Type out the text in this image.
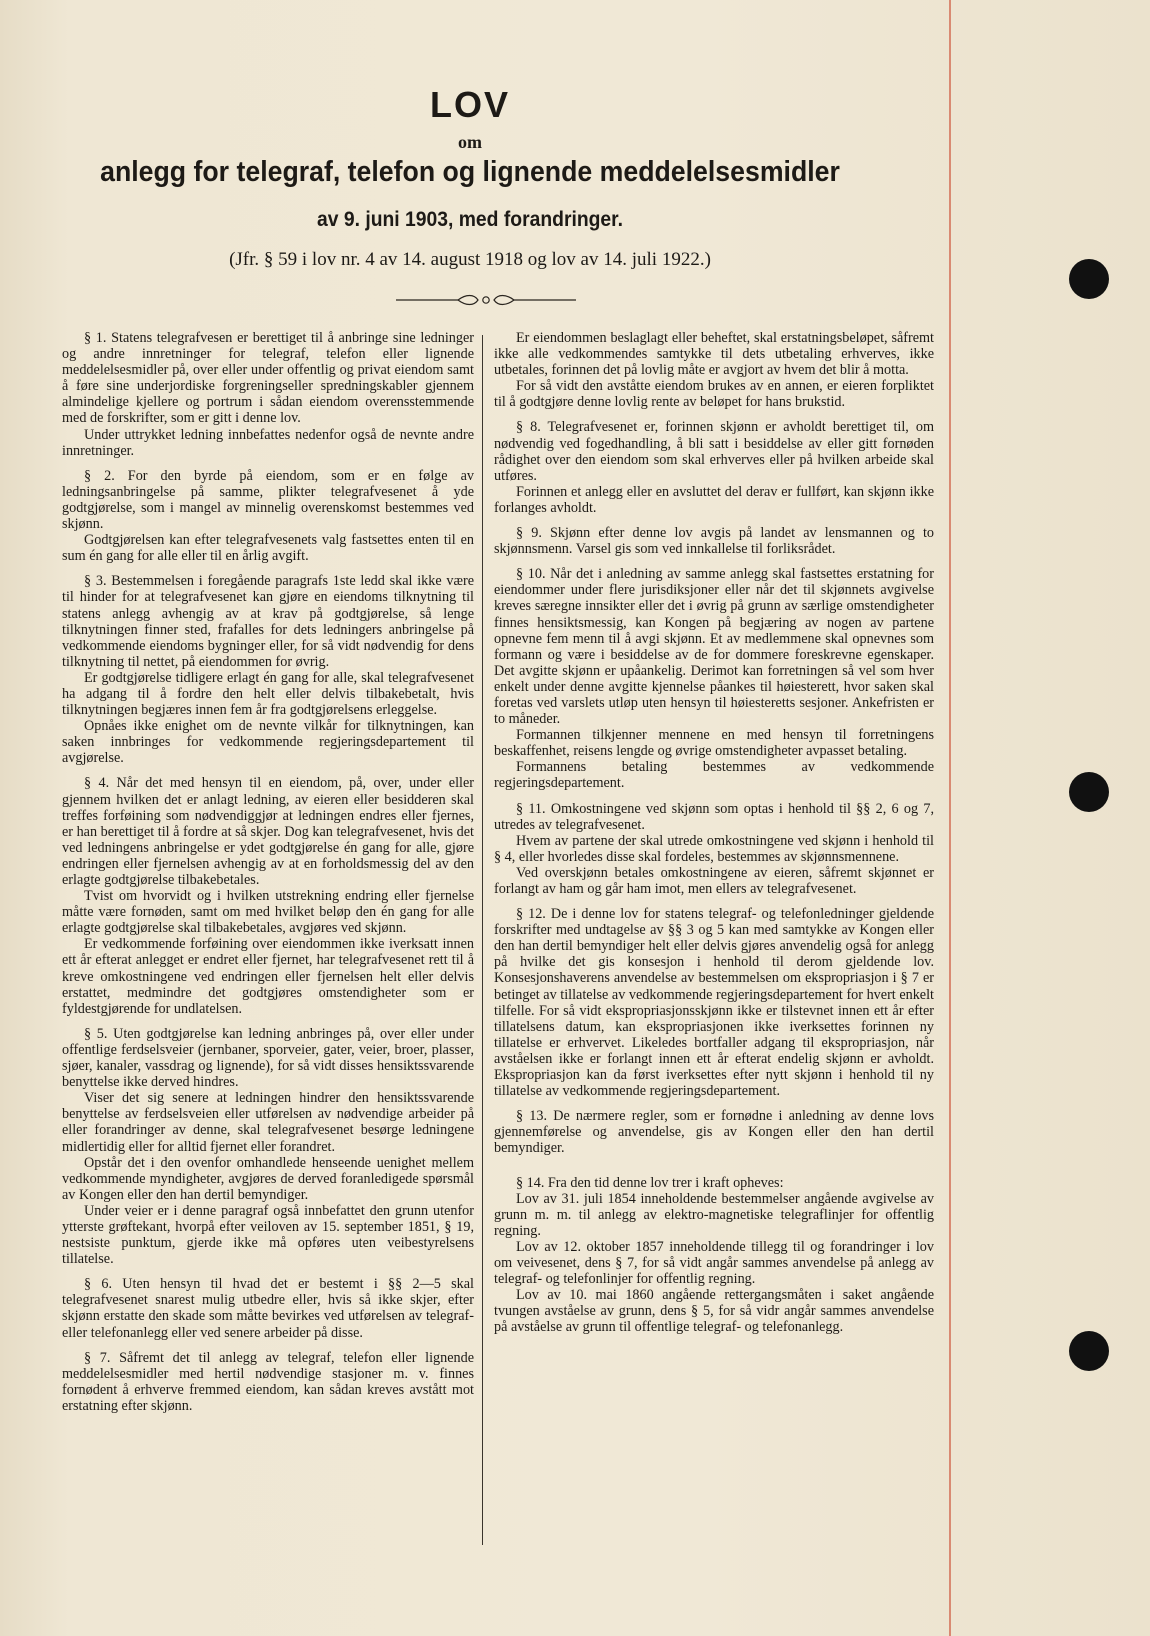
LOV
om
anlegg for telegraf, telefon og lignende meddelelsesmidler
av 9. juni 1903, med forandringer.
(Jfr. § 59 i lov nr. 4 av 14. august 1918 og lov av 14. juli 1922.)

§ 1. Statens telegrafvesen er berettiget til å anbringe sine ledninger og andre innretninger for telegraf, telefon eller lignende meddelelsesmidler på, over eller under offentlig og privat eiendom samt å føre sine underjordiske forgreningseller spredningskabler gjennem almindelige kjellere og portrum i sådan eiendom overensstemmende med de forskrifter, som er gitt i denne lov.

Under uttrykket ledning innbefattes nedenfor også de nevnte andre innretninger.

§ 2. For den byrde på eiendom, som er en følge av ledningsanbringelse på samme, plikter telegrafvesenet å yde godtgjørelse, som i mangel av minnelig overenskomst bestemmes ved skjønn.

Godtgjørelsen kan efter telegrafvesenets valg fastsettes enten til en sum én gang for alle eller til en årlig avgift.

§ 3. Bestemmelsen i foregående paragrafs 1ste ledd skal ikke være til hinder for at telegrafvesenet kan gjøre en eiendoms tilknytning til statens anlegg avhengig av at krav på godtgjørelse, så lenge tilknytningen finner sted, frafalles for dets ledningers anbringelse på vedkommende eiendoms bygninger eller, for så vidt nødvendig for dens tilknytning til nettet, på eiendommen for øvrig.

Er godtgjørelse tidligere erlagt én gang for alle, skal telegrafvesenet ha adgang til å fordre den helt eller delvis tilbakebetalt, hvis tilknytningen begjæres innen fem år fra godtgjørelsens erleggelse.

Opnåes ikke enighet om de nevnte vilkår for tilknytningen, kan saken innbringes for vedkommende regjeringsdepartement til avgjørelse.

§ 4. Når det med hensyn til en eiendom, på, over, under eller gjennem hvilken det er anlagt ledning, av eieren eller besidderen skal treffes forføining som nødvendiggjør at ledningen endres eller fjernes, er han berettiget til å fordre at så skjer. Dog kan telegrafvesenet, hvis det ved ledningens anbringelse er ydet godtgjørelse én gang for alle, gjøre endringen eller fjernelsen avhengig av at en forholdsmessig del av den erlagte godtgjørelse tilbakebetales.

Tvist om hvorvidt og i hvilken utstrekning endring eller fjernelse måtte være fornøden, samt om med hvilket beløp den én gang for alle erlagte godtgjørelse skal tilbakebetales, avgjøres ved skjønn.

Er vedkommende forføining over eiendommen ikke iverksatt innen ett år efterat anlegget er endret eller fjernet, har telegrafvesenet rett til å kreve omkostningene ved endringen eller fjernelsen helt eller delvis erstattet, medmindre det godtgjøres omstendigheter som er fyldestgjørende for undlatelsen.

§ 5. Uten godtgjørelse kan ledning anbringes på, over eller under offentlige ferdselsveier (jernbaner, sporveier, gater, veier, broer, plasser, sjøer, kanaler, vassdrag og lignende), for så vidt disses hensiktssvarende benyttelse ikke derved hindres.

Viser det sig senere at ledningen hindrer den hensiktssvarende benyttelse av ferdselsveien eller utførelsen av nødvendige arbeider på eller forandringer av denne, skal telegrafvesenet besørge ledningene midlertidig eller for alltid fjernet eller forandret.

Opstår det i den ovenfor omhandlede henseende uenighet mellem vedkommende myndigheter, avgjøres de derved foranledigede spørsmål av Kongen eller den han dertil bemyndiger.

Under veier er i denne paragraf også innbefattet den grunn utenfor ytterste grøftekant, hvorpå efter veiloven av 15. september 1851, § 19, nestsiste punktum, gjerde ikke må opføres uten veibestyrelsens tillatelse.

§ 6. Uten hensyn til hvad det er bestemt i §§ 2—5 skal telegrafvesenet snarest mulig utbedre eller, hvis så ikke skjer, efter skjønn erstatte den skade som måtte bevirkes ved utførelsen av telegraf- eller telefonanlegg eller ved senere arbeider på disse.

§ 7. Såfremt det til anlegg av telegraf, telefon eller lignende meddelelsesmidler med hertil nødvendige stasjoner m. v. finnes fornødent å erhverve fremmed eiendom, kan sådan kreves avstått mot erstatning efter skjønn.

Er eiendommen beslaglagt eller beheftet, skal erstatningsbeløpet, såfremt ikke alle vedkommendes samtykke til dets utbetaling erhverves, ikke utbetales, forinnen det på lovlig måte er avgjort av hvem det blir å motta.

For så vidt den avståtte eiendom brukes av en annen, er eieren forpliktet til å godtgjøre denne lovlig rente av beløpet for hans brukstid.

§ 8. Telegrafvesenet er, forinnen skjønn er avholdt berettiget til, om nødvendig ved fogedhandling, å bli satt i besiddelse av eller gitt fornøden rådighet over den eiendom som skal erhverves eller på hvilken arbeide skal utføres.

Forinnen et anlegg eller en avsluttet del derav er fullført, kan skjønn ikke forlanges avholdt.

§ 9. Skjønn efter denne lov avgis på landet av lensmannen og to skjønnsmenn. Varsel gis som ved innkallelse til forliksrådet.

§ 10. Når det i anledning av samme anlegg skal fastsettes erstatning for eiendommer under flere jurisdiksjoner eller når det til skjønnets avgivelse kreves særegne innsikter eller det i øvrig på grunn av særlige omstendigheter finnes hensiktsmessig, kan Kongen på begjæring av nogen av partene opnevne fem menn til å avgi skjønn. Et av medlemmene skal opnevnes som formann og være i besiddelse av de for dommere foreskrevne egenskaper. Det avgitte skjønn er upåankelig. Derimot kan forretningen så vel som hver enkelt under denne avgitte kjennelse påankes til høiesterett, hvor saken skal foretas ved varslets utløp uten hensyn til høiesteretts sesjoner. Ankefristen er to måneder.

Formannen tilkjenner mennene en med hensyn til forretningens beskaffenhet, reisens lengde og øvrige omstendigheter avpasset betaling.

Formannens betaling bestemmes av vedkommende regjeringsdepartement.

§ 11. Omkostningene ved skjønn som optas i henhold til §§ 2, 6 og 7, utredes av telegrafvesenet.

Hvem av partene der skal utrede omkostningene ved skjønn i henhold til § 4, eller hvorledes disse skal fordeles, bestemmes av skjønnsmennene.

Ved overskjønn betales omkostningene av eieren, såfremt skjønnet er forlangt av ham og går ham imot, men ellers av telegrafvesenet.

§ 12. De i denne lov for statens telegraf- og telefonledninger gjeldende forskrifter med undtagelse av §§ 3 og 5 kan med samtykke av Kongen eller den han dertil bemyndiger helt eller delvis gjøres anvendelig også for anlegg på hvilke det gis konsesjon i henhold til derom gjeldende lov. Konsesjonshaverens anvendelse av bestemmelsen om ekspropriasjon i § 7 er betinget av tillatelse av vedkommende regjeringsdepartement for hvert enkelt tilfelle. For så vidt ekspropriasjonsskjønn ikke er tilstevnet innen ett år efter tillatelsens datum, kan ekspropriasjonen ikke iverksettes forinnen ny tillatelse er erhvervet. Likeledes bortfaller adgang til ekspropriasjon, når avståelsen ikke er forlangt innen ett år efterat endelig skjønn er avholdt. Ekspropriasjon kan da først iverksettes efter nytt skjønn i henhold til ny tillatelse av vedkommende regjeringsdepartement.

§ 13. De nærmere regler, som er fornødne i anledning av denne lovs gjennemførelse og anvendelse, gis av Kongen eller den han dertil bemyndiger.

§ 14. Fra den tid denne lov trer i kraft opheves:

Lov av 31. juli 1854 inneholdende bestemmelser angående avgivelse av grunn m. m. til anlegg av elektro-magnetiske telegraflinjer for offentlig regning.

Lov av 12. oktober 1857 inneholdende tillegg til og forandringer i lov om veivesenet, dens § 7, for så vidt angår sammes anvendelse på anlegg av telegraf- og telefonlinjer for offentlig regning.

Lov av 10. mai 1860 angående rettergangsmåten i saket angående tvungen avståelse av grunn, dens § 5, for så vidr angår sammes anvendelse på avståelse av grunn til offentlige telegraf- og telefonanlegg.
